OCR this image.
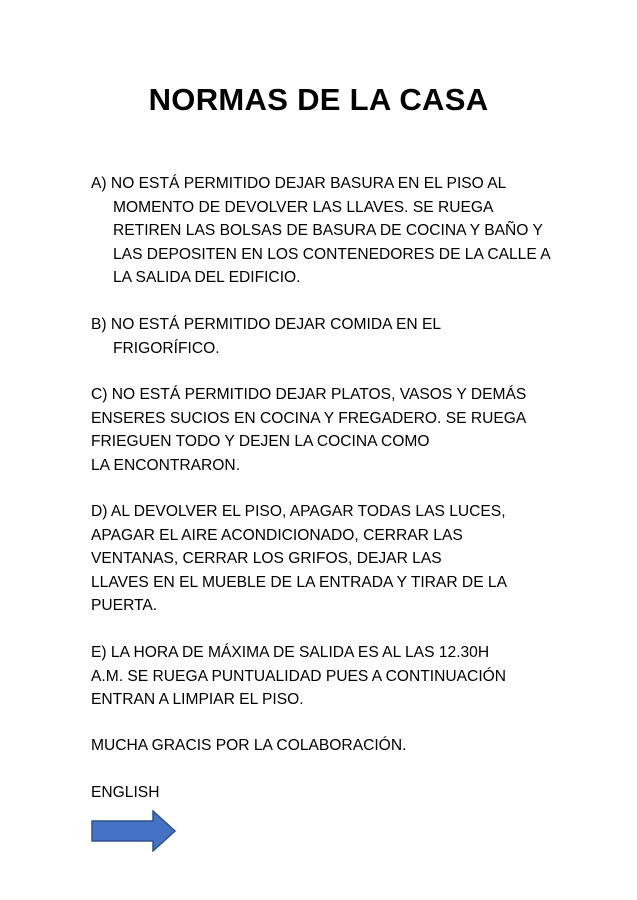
NORMAS DE LA CASA

A) NO ESTÁ PERMITIDO DEJAR BASURA EN EL PISO AL
MOMENTO DE DEVOLVER LAS LLAVES. SE RUEGA
RETIREN LAS BOLSAS DE BASURA DE COCINA Y BAÑO Y
LAS DEPOSITEN EN LOS CONTENEDORES DE LA CALLE A
LA SALIDA DEL EDIFICIO.

B) NO ESTÁ PERMITIDO DEJAR COMIDA EN EL
FRIGORÍFICO.

C) NO ESTÁ PERMITIDO DEJAR PLATOS, VASOS Y DEMÁS
ENSERES SUCIOS EN COCINA Y FREGADERO. SE RUEGA
FRIEGUEN TODO Y DEJEN LA COCINA COMO
LA ENCONTRARON.

D) AL DEVOLVER EL PISO, APAGAR TODAS LAS LUCES,
APAGAR EL AIRE ACONDICIONADO, CERRAR LAS
VENTANAS, CERRAR LOS GRIFOS, DEJAR LAS
LLAVES EN EL MUEBLE DE LA ENTRADA Y TIRAR DE LA
PUERTA.

E) LA HORA DE MÁXIMA DE SALIDA ES AL LAS 12.30H
A.M. SE RUEGA PUNTUALIDAD PUES A CONTINUACIÓN
ENTRAN A LIMPIAR EL PISO.

MUCHA GRACIS POR LA COLABORACIÓN.

ENGLISH
